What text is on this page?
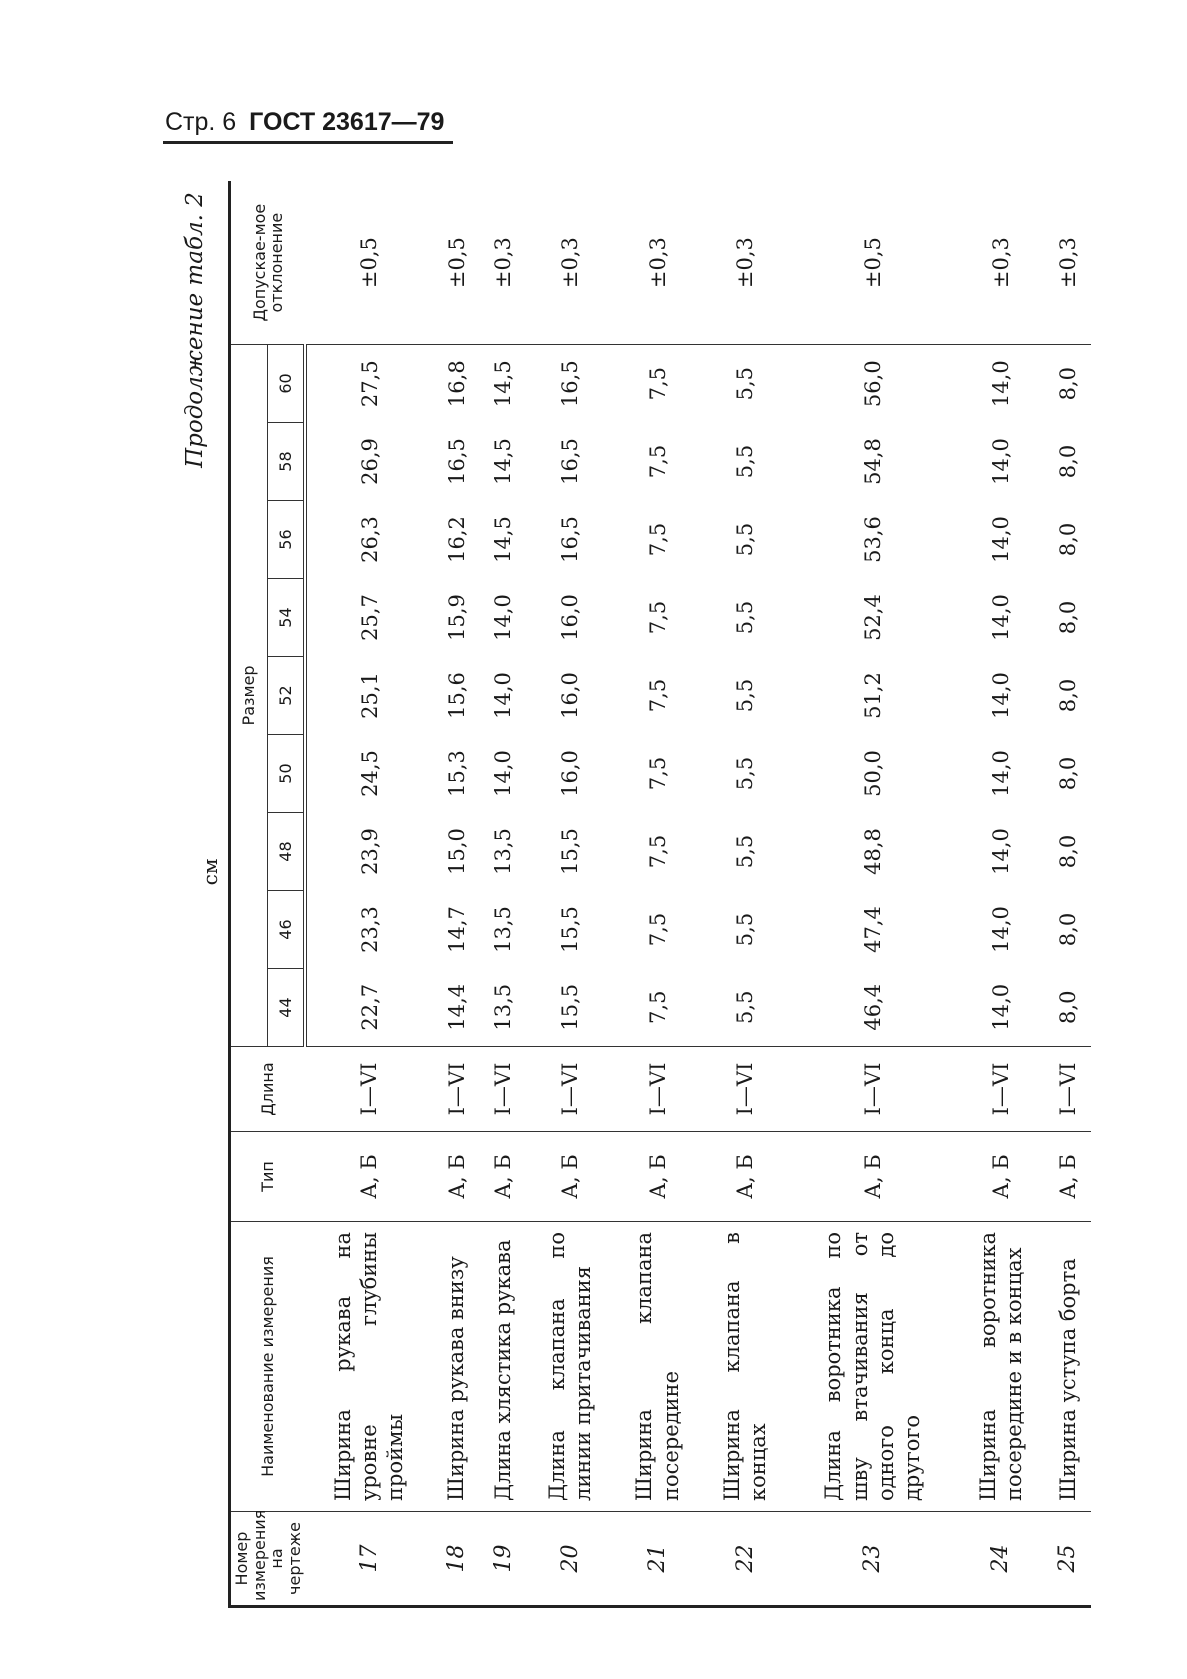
Стр. 6 ГОСТ 23617—79
Продолжение табл. 2
см
Номер измерения на чертеже	Наименование измерения	Тип	Длина	Размер									Допускае-мое отклонение
				44	46	48	50	52	54	56	58	60	
17	Ширина рукава на уровне глубины проймы	А, Б	I—VI	22,7	23,3	23,9	24,5	25,1	25,7	26,3	26,9	27,5	±0,5
18	Ширина рукава внизу	А, Б	I—VI	14,4	14,7	15,0	15,3	15,6	15,9	16,2	16,5	16,8	±0,5
19	Длина хлястика рукава	А, Б	I—VI	13,5	13,5	13,5	14,0	14,0	14,0	14,5	14,5	14,5	±0,3
20	Длина клапана по линии притачивания	А, Б	I—VI	15,5	15,5	15,5	16,0	16,0	16,0	16,5	16,5	16,5	±0,3
21	Ширина клапана посередине	А, Б	I—VI	7,5	7,5	7,5	7,5	7,5	7,5	7,5	7,5	7,5	±0,3
22	Ширина клапана в концах	А, Б	I—VI	5,5	5,5	5,5	5,5	5,5	5,5	5,5	5,5	5,5	±0,3
23	Длина воротника по шву втачивания от одного конца до другого	А, Б	I—VI	46,4	47,4	48,8	50,0	51,2	52,4	53,6	54,8	56,0	±0,5
24	Ширина воротника посередине и в концах	А, Б	I—VI	14,0	14,0	14,0	14,0	14,0	14,0	14,0	14,0	14,0	±0,3
25	Ширина уступа борта	А, Б	I—VI	8,0	8,0	8,0	8,0	8,0	8,0	8,0	8,0	8,0	±0,3
